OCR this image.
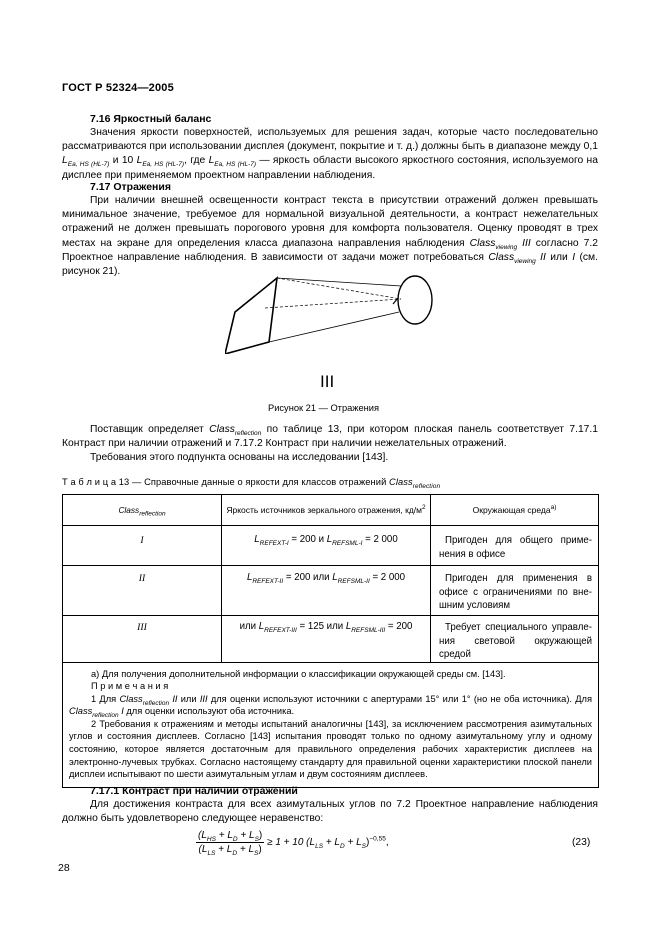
ГОСТ Р 52324—2005
7.16 Яркостный баланс
Значения яркости поверхностей, используемых для решения задач, которые часто последовательно рассматриваются при использовании дисплея (документ, покрытие и т. д.) должны быть в диапазоне между 0,1 $L_{Ea, HS (HL-7)}$ и 10 $L_{Ea, HS (HL-7)}$, где $L_{Ea, HS (HL-7)}$ — яркость области высокого яркостного состояния, используемого на дисплее при применяемом проектном направлении наблюдения.
7.17 Отражения
При наличии внешней освещенности контраст текста в присутствии отражений должен превышать минимальное значение, требуемое для нормальной визуальной деятельности, а контраст нежелательных отражений не должен превышать порогового уровня для комфорта пользователя. Оценку проводят в трех местах на экране для определения класса диапазона направления наблюдения Class$_{viewing}$ III согласно 7.2 Проектное направление наблюдения. В зависимости от задачи может потребоваться Class$_{viewing}$ II или I (см. рисунок 21).
III
Рисунок 21 — Отражения
Поставщик определяет Class$_{reflection}$ по таблице 13, при котором плоская панель соответствует 7.17.1 Контраст при наличии отражений и 7.17.2 Контраст при наличии нежелательных отражений.
Требования этого подпункта основаны на исследовании [143].
Т а б л и ц а 13 — Справочные данные о яркости для классов отражений Class$_{reflection}$
Class$_{reflection}$	Яркость источников зеркального отражения, $кд/м^2$	Окружающая среда$^{а)}$
I	$L_{REFEXT-I} = 200$ и $L_{REFSML-I} = 2$ 000	Пригоден для общего применения в офисе
II	$L_{REFEXT-II} = 200$ или $L_{REFSML-II} = 2$ 000	Пригоден для применения в офисе с ограничениями по внешним условиям
III	или $L_{REFEXT-III} = 125$ или $L_{REFSML-III} = 200$	Требует специального управления световой окружающей средой

а) Для получения дополнительной информации о классификации окружающей среды см. [143].
П р и м е ч а н и я
1 Для Class$_{reflection}$ II или III для оценки используют источники с апертурами 15° или 1° (но не оба источника). Для Class$_{reflection}$ I для оценки используют оба источника.
2 Требования к отражениям и методы испытаний аналогичны [143], за исключением рассмотрения азимутальных углов и состояния дисплеев. Согласно [143] испытания проводят только по одному азимутальному углу и одному состоянию, которое является достаточным для правильного определения рабочих характеристик дисплеев на электронно-лучевых трубках. Согласно настоящему стандарту для правильной оценки характеристики плоской панели дисплеи испытывают по шести азимутальным углам и двум состояниям дисплеев.		
7.17.1 Контраст при наличии отражений
Для достижения контраста для всех азимутальных углов по 7.2 Проектное направление наблюдения должно быть удовлетворено следующее неравенство:
$(L_{HS} + L_D + L_S)$
$(L_{LS} + L_D + L_S)$
≥ 1 + 10 $(L_{LS} + L_D + L_S)^{-0,55}$,	(23)
28
